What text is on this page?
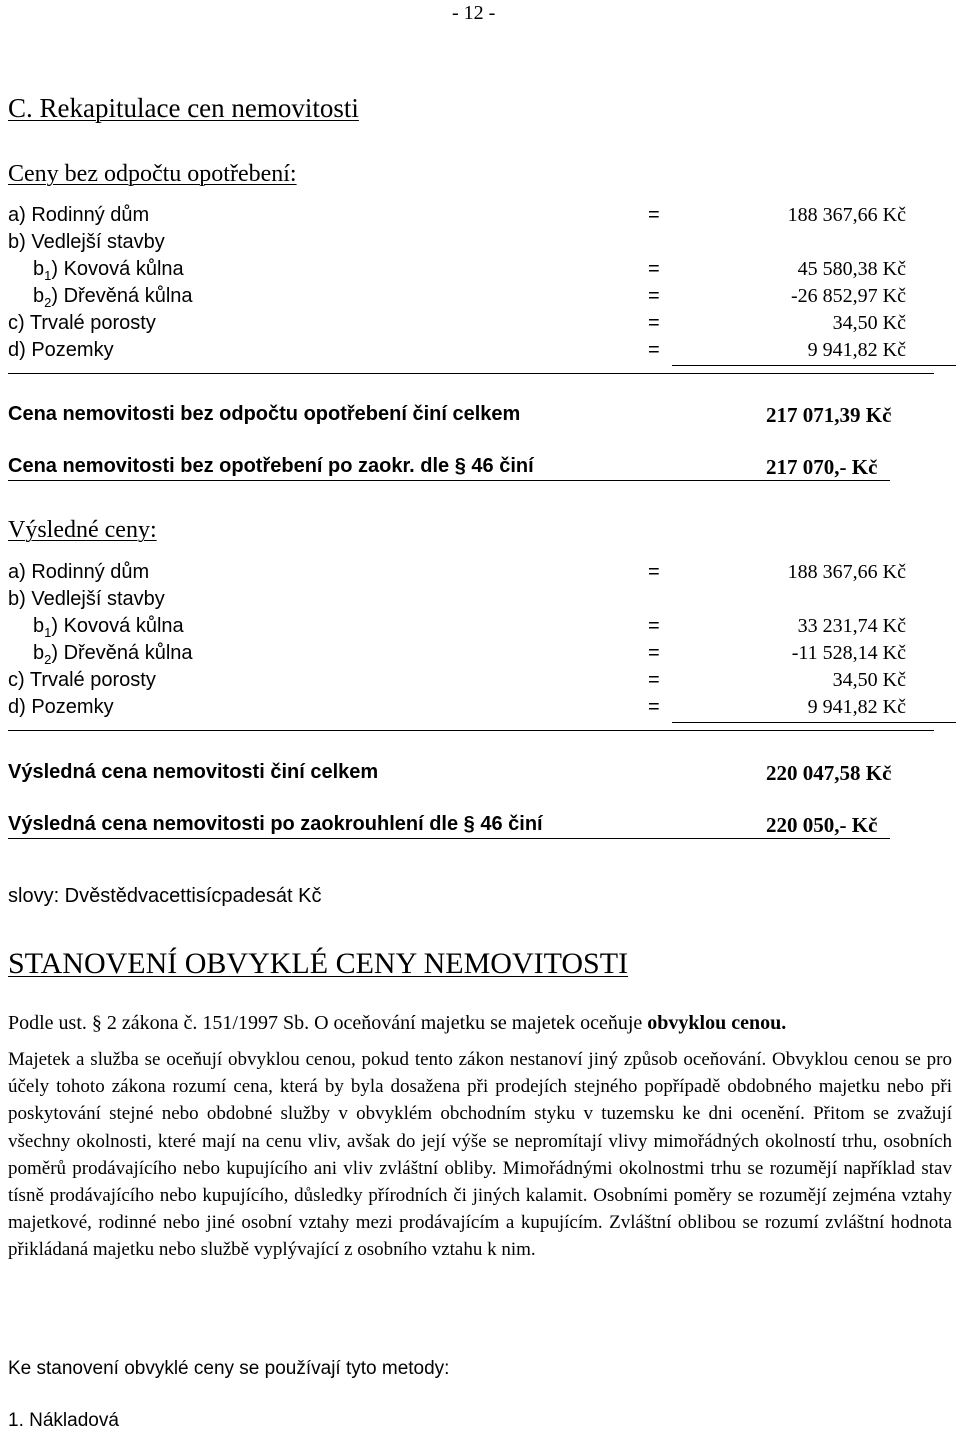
- 12 -
C. Rekapitulace cen nemovitosti
Ceny bez odpočtu opotřebení:
a) Rodinný dům	=	188 367,66 Kč
b) Vedlejší stavby
$b_1$) Kovová kůlna	=	45 580,38 Kč
$b_2$) Dřevěná kůlna	=	-26 852,97 Kč
c) Trvalé porosty	=	34,50 Kč
d) Pozemky	=	9 941,82 Kč
Cena nemovitosti bez odpočtu opotřebení činí celkem	217 071,39 Kč
Cena nemovitosti bez opotřebení po zaokr. dle § 46 činí	217 070,- Kč
Výsledné ceny:
a) Rodinný dům	=	188 367,66 Kč
b) Vedlejší stavby
$b_1$) Kovová kůlna	=	33 231,74 Kč
$b_2$) Dřevěná kůlna	=	-11 528,14 Kč
c) Trvalé porosty	=	34,50 Kč
d) Pozemky	=	9 941,82 Kč
Výsledná cena nemovitosti činí celkem	220 047,58 Kč
Výsledná cena nemovitosti po zaokrouhlení dle § 46 činí	220 050,- Kč
slovy: Dvěstědvacettisícpadesát Kč
STANOVENÍ OBVYKLÉ CENY NEMOVITOSTI
Podle ust. § 2 zákona č. 151/1997 Sb. O oceňování majetku se majetek oceňuje obvyklou cenou.

Majetek a služba se oceňují obvyklou cenou, pokud tento zákon nestanoví jiný způsob oceňování. Obvyklou cenou se pro účely tohoto zákona rozumí cena, která by byla dosažena při prodejích stejného popřípadě obdobného majetku nebo při poskytování stejné nebo obdobné služby v obvyklém obchodním styku v tuzemsku ke dni ocenění. Přitom se zvažují všechny okolnosti, které mají na cenu vliv, avšak do její výše se nepromítají vlivy mimořádných okolností trhu, osobních poměrů prodávajícího nebo kupujícího ani vliv zvláštní obliby. Mimořádnými okolnostmi trhu se rozumějí například stav tísně prodávajícího nebo kupujícího, důsledky přírodních či jiných kalamit. Osobními poměry se rozumějí zejména vztahy majetkové, rodinné nebo jiné osobní vztahy mezi prodávajícím a kupujícím. Zvláštní oblibou se rozumí zvláštní hodnota přikládaná majetku nebo službě vyplývající z osobního vztahu k nim.

Ke stanovení obvyklé ceny se používají tyto metody:
1. Nákladová
